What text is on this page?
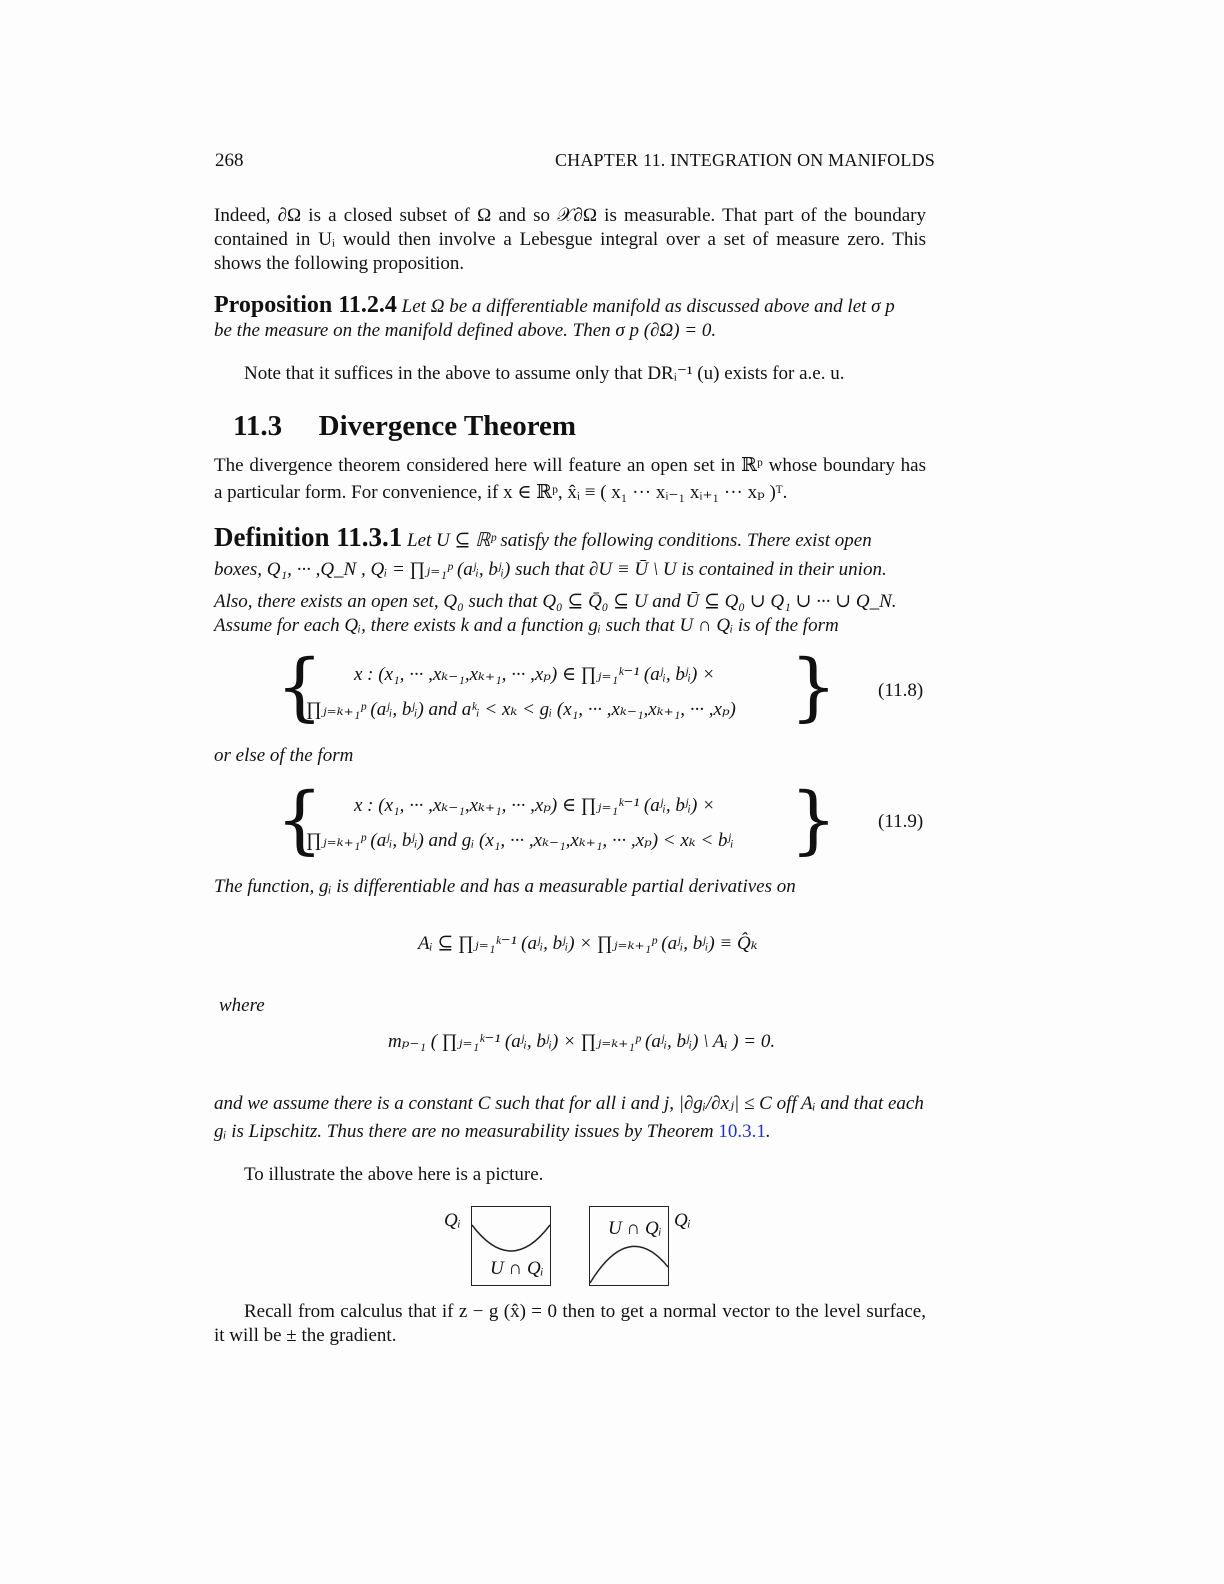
268	CHAPTER 11. INTEGRATION ON MANIFOLDS
Indeed, ∂Ω is a closed subset of Ω and so 𝒳∂Ω is measurable. That part of the boundary
contained in Uᵢ would then involve a Lebesgue integral over a set of measure zero. This
shows the following proposition.
Proposition 11.2.4 Let Ω be a differentiable manifold as discussed above and let σ p
be the measure on the manifold defined above. Then σ p (∂Ω) = 0.
Note that it suffices in the above to assume only that DRᵢ⁻¹ (u) exists for a.e. u.
11.3 Divergence Theorem
The divergence theorem considered here will feature an open set in ℝᵖ whose boundary has
a particular form. For convenience, if x ∈ ℝᵖ, x̂ᵢ ≡ ( x₁ ··· xᵢ₋₁ xᵢ₊₁ ··· xₚ )ᵀ.
Definition 11.3.1 Let U ⊆ ℝᵖ satisfy the following conditions. There exist open
boxes, Q₁, ··· ,Q_N , Qᵢ = ∏ⱼ₌₁ᵖ (aʲᵢ, bʲᵢ) such that ∂U ≡ Ū \ U is contained in their union.
Also, there exists an open set, Q₀ such that Q₀ ⊆ Q̄₀ ⊆ U and Ū ⊆ Q₀ ∪ Q₁ ∪ ··· ∪ Q_N.
Assume for each Qᵢ, there exists k and a function gᵢ such that U ∩ Qᵢ is of the form
{	}
x : (x₁, ··· ,xₖ₋₁,xₖ₊₁, ··· ,xₚ) ∈ ∏ⱼ₌₁ᵏ⁻¹ (aʲᵢ, bʲᵢ) ×
∏ⱼ₌ₖ₊₁ᵖ (aʲᵢ, bʲᵢ) and aᵏᵢ < xₖ < gᵢ (x₁, ··· ,xₖ₋₁,xₖ₊₁, ··· ,xₚ)
(11.8)
or else of the form
{	}
x : (x₁, ··· ,xₖ₋₁,xₖ₊₁, ··· ,xₚ) ∈ ∏ⱼ₌₁ᵏ⁻¹ (aʲᵢ, bʲᵢ) ×
∏ⱼ₌ₖ₊₁ᵖ (aʲᵢ, bʲᵢ) and gᵢ (x₁, ··· ,xₖ₋₁,xₖ₊₁, ··· ,xₚ) < xₖ < bʲᵢ
(11.9)
The function, gᵢ is differentiable and has a measurable partial derivatives on
Aᵢ ⊆ ∏ⱼ₌₁ᵏ⁻¹ (aʲᵢ, bʲᵢ) × ∏ⱼ₌ₖ₊₁ᵖ (aʲᵢ, bʲᵢ) ≡ Q̂ₖ
where
mₚ₋₁ ( ∏ⱼ₌₁ᵏ⁻¹ (aʲᵢ, bʲᵢ) × ∏ⱼ₌ₖ₊₁ᵖ (aʲᵢ, bʲᵢ) \ Aᵢ ) = 0.
and we assume there is a constant C such that for all i and j, |∂gᵢ/∂xⱼ| ≤ C off Aᵢ and that each
gᵢ is Lipschitz. Thus there are no measurability issues by Theorem 10.3.1.
To illustrate the above here is a picture.
Qᵢ
U ∩ Qᵢ
U ∩ Qᵢ Qᵢ
Recall from calculus that if z − g (x̂) = 0 then to get a normal vector to the level surface,
it will be ± the gradient.
